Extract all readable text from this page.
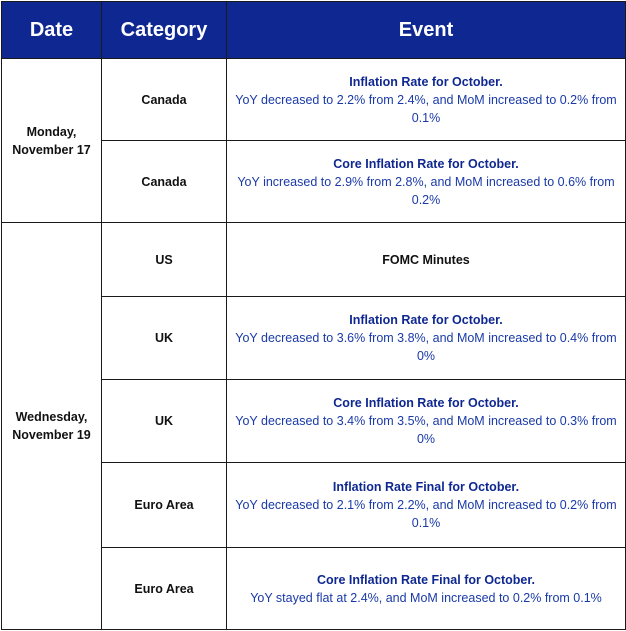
Date	Category	Event
Monday, November 17	Canada	Inflation Rate for October.
YoY decreased to 2.2% from 2.4%, and MoM increased to 0.2% from 0.1%

	Canada	Core Inflation Rate for October.
YoY increased to 2.9% from 2.8%, and MoM increased to 0.6% from 0.2%

Wednesday, November 19	US	FOMC Minutes

	UK	Inflation Rate for October.
YoY decreased to 3.6% from 3.8%, and MoM increased to 0.4% from 0%

	UK	Core Inflation Rate for October.
YoY decreased to 3.4% from 3.5%, and MoM increased to 0.3% from 0%

	Euro Area	Inflation Rate Final for October.
YoY decreased to 2.1% from 2.2%, and MoM increased to 0.2% from 0.1%

	Euro Area	Core Inflation Rate Final for October.
YoY stayed flat at 2.4%, and MoM increased to 0.2% from 0.1%
